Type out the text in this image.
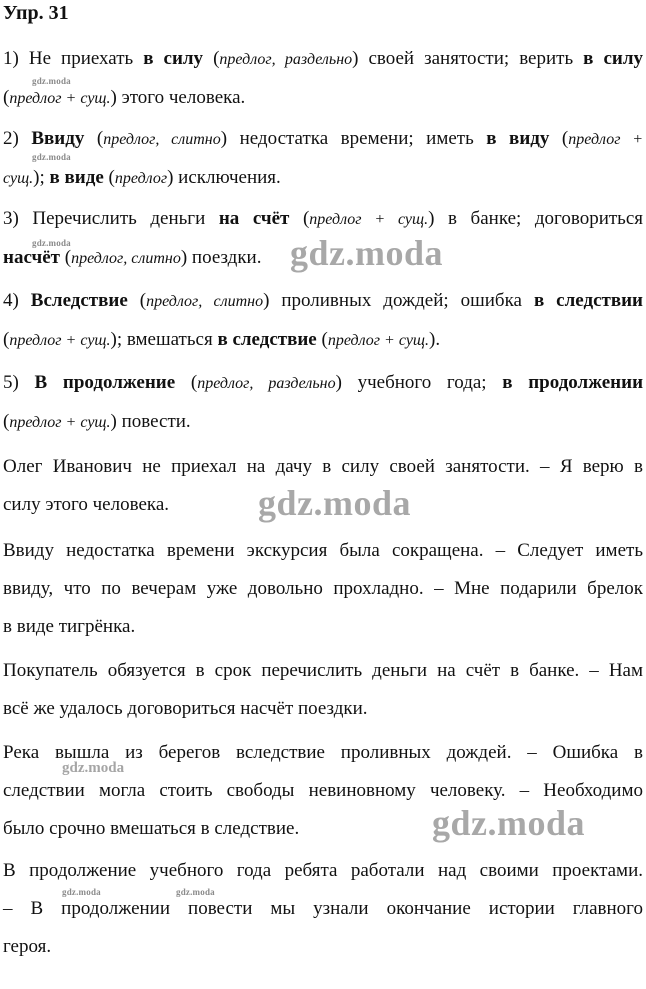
Упр. 31
1) Не приехать в силу (предлог, раздельно) своей занятости; верить в силу
(предлог + сущ.) этого человека.
2) Ввиду (предлог, слитно) недостатка времени; иметь в виду (предлог +
сущ.); в виде (предлог) исключения.
3) Перечислить деньги на счёт (предлог + сущ.) в банке; договориться
насчёт (предлог, слитно) поездки.
4) Вследствие (предлог, слитно) проливных дождей; ошибка в следствии
(предлог + сущ.); вмешаться в следствие (предлог + сущ.).
5) В продолжение (предлог, раздельно) учебного года; в продолжении
(предлог + сущ.) повести.
Олег Иванович не приехал на дачу в силу своей занятости. – Я верю в
силу этого человека.
Ввиду недостатка времени экскурсия была сокращена. – Следует иметь
ввиду, что по вечерам уже довольно прохладно. – Мне подарили брелок
в виде тигрёнка.
Покупатель обязуется в срок перечислить деньги на счёт в банке. – Нам
всё же удалось договориться насчёт поездки.
Река вышла из берегов вследствие проливных дождей. – Ошибка в
следствии могла стоить свободы невиновному человеку. – Необходимо
было срочно вмешаться в следствие.
В продолжение учебного года ребята работали над своими проектами.
– В продолжении повести мы узнали окончание истории главного
героя.
gdz.moda
gdz.moda
gdz.moda	gdz.moda
gdz.moda
gdz.moda
gdz.moda
gdz.moda	gdz.moda
